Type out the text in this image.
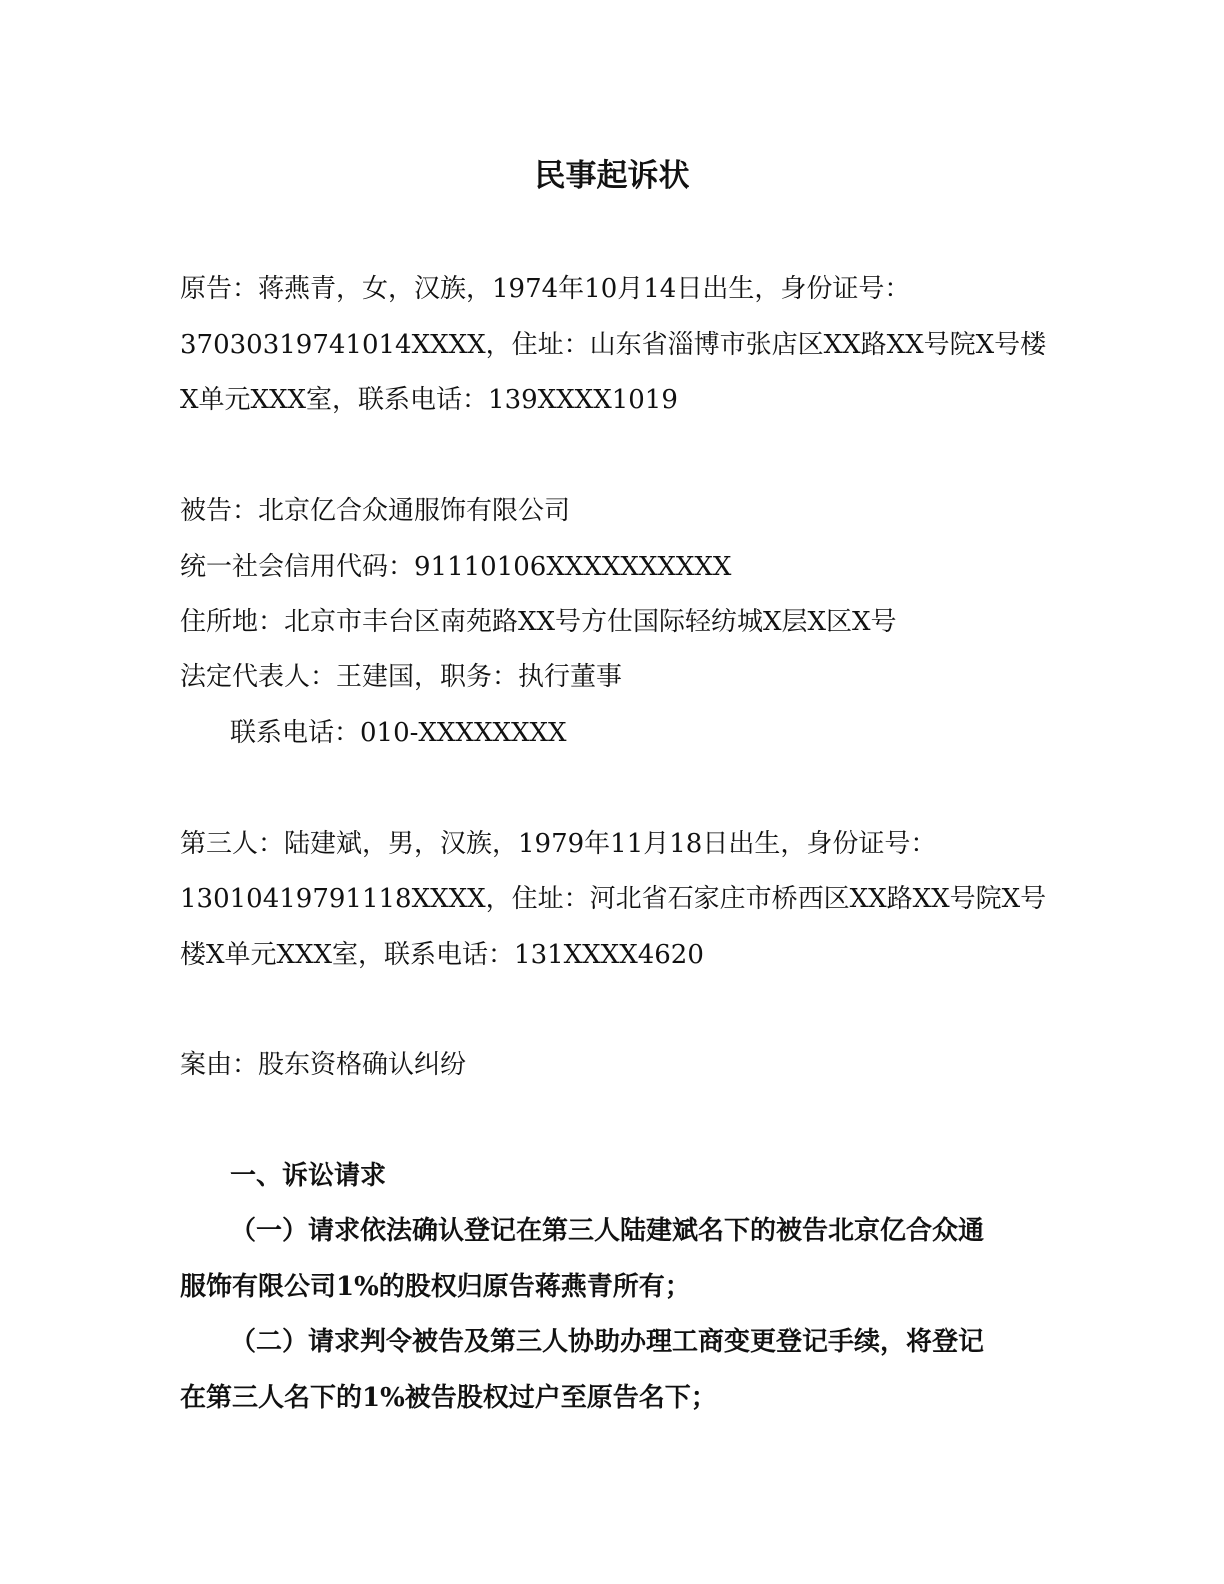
民事起诉状
原告：蒋燕青，女，汉族，1974年10月14日出生，身份证号：
37030319741014XXXX，住址：山东省淄博市张店区XX路XX号院X号楼
X单元XXX室，联系电话：139XXXX1019
被告：北京亿合众通服饰有限公司
统一社会信用代码：91110106XXXXXXXXXX
住所地：北京市丰台区南苑路XX号方仕国际轻纺城X层X区X号
法定代表人：王建国，职务：执行董事
联系电话：010-XXXXXXXX
第三人：陆建斌，男，汉族，1979年11月18日出生，身份证号：
13010419791118XXXX，住址：河北省石家庄市桥西区XX路XX号院X号
楼X单元XXX室，联系电话：131XXXX4620
案由：股东资格确认纠纷
一、诉讼请求
（一）请求依法确认登记在第三人陆建斌名下的被告北京亿合众通
服饰有限公司1%的股权归原告蒋燕青所有；
（二）请求判令被告及第三人协助办理工商变更登记手续，将登记
在第三人名下的1%被告股权过户至原告名下；
